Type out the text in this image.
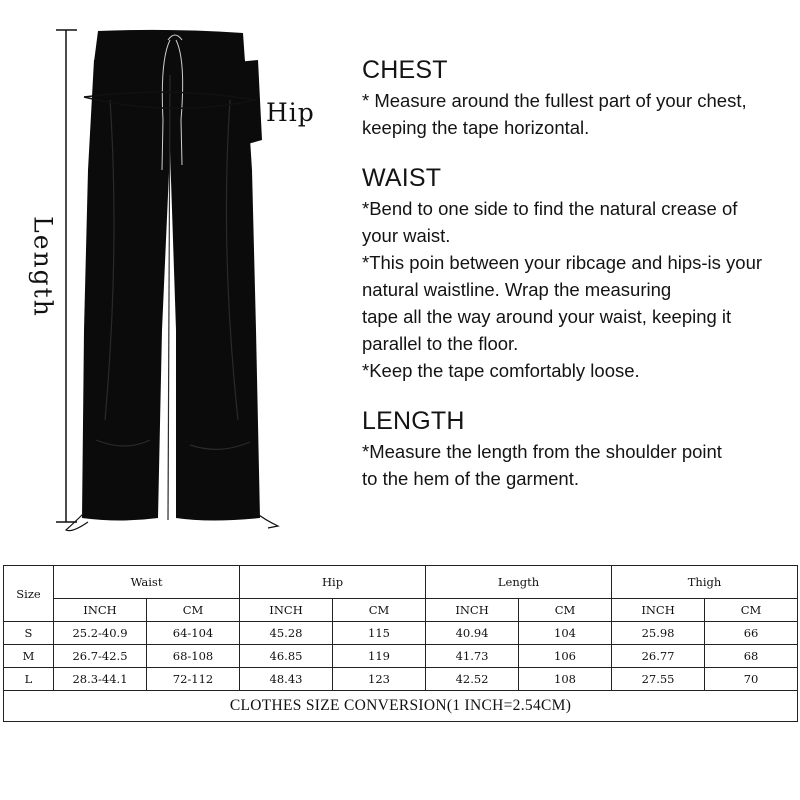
Hip
Length
CHEST

* Measure around the fullest part of your chest,

keeping the tape horizontal.

WAIST

*Bend to one side to find the natural crease of

your waist.

*This poin between your ribcage and hips-is your

natural waistline. Wrap the measuring

tape all the way around your waist, keeping it

parallel to the floor.

*Keep the tape comfortably loose.

LENGTH

*Measure the length from the shoulder point

to the hem of the garment.

Size	Waist		Hip		Length		Thigh	
	INCH	CM	INCH	CM	INCH	CM	INCH	CM
S	25.2-40.9	64-104	45.28	115	40.94	104	25.98	66
M	26.7-42.5	68-108	46.85	119	41.73	106	26.77	68
L	28.3-44.1	72-112	48.43	123	42.52	108	27.55	70
CLOTHES SIZE CONVERSION(1 INCH=2.54CM)								
